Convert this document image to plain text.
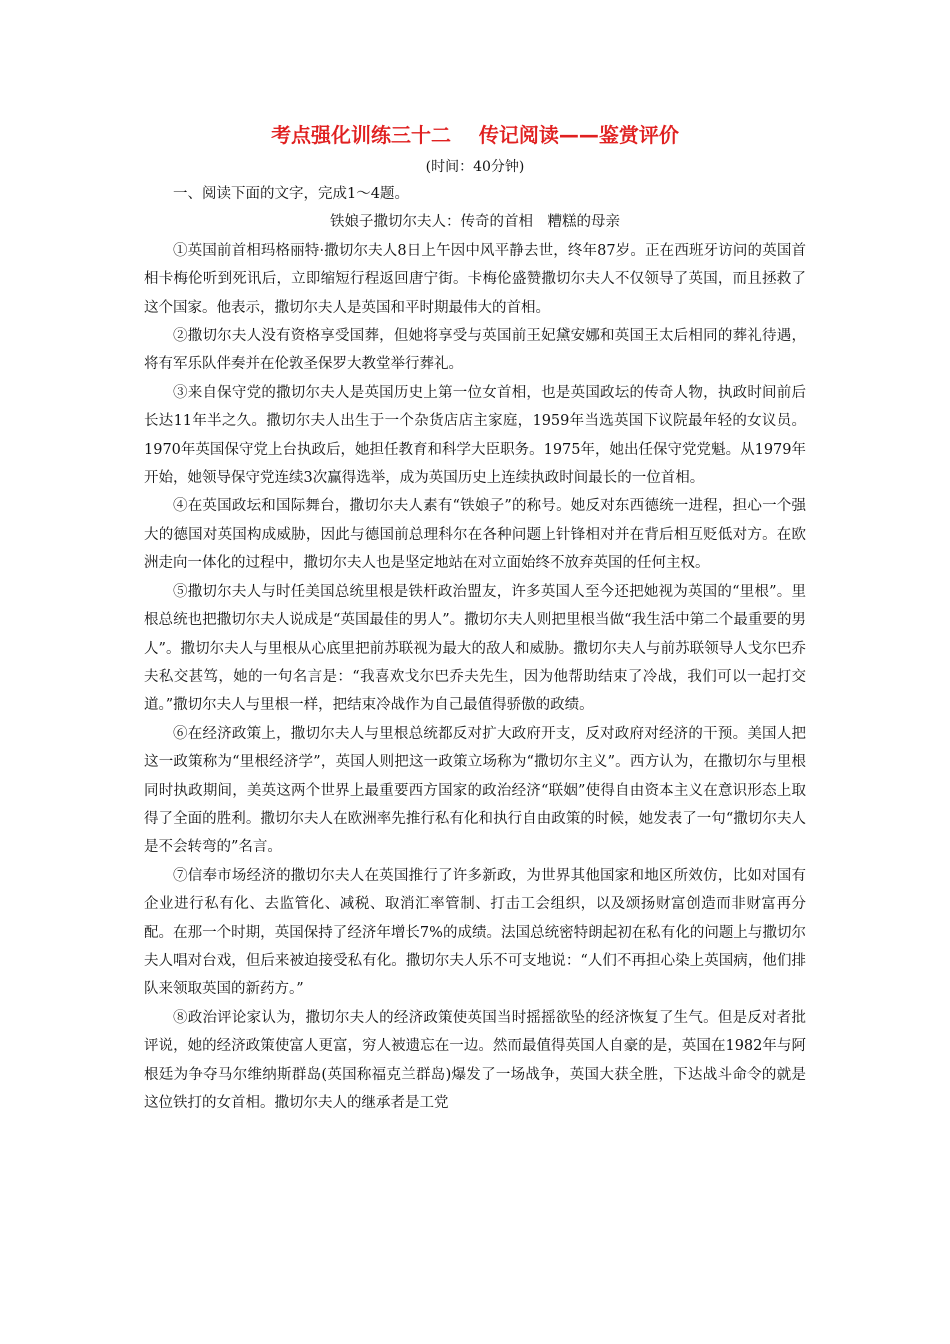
考点强化训练三十二    传记阅读——鉴赏评价
(时间：40分钟)

一、阅读下面的文字，完成1～4题。

铁娘子撒切尔夫人：传奇的首相　糟糕的母亲

①英国前首相玛格丽特·撒切尔夫人8日上午因中风平静去世，终年87岁。正在西班牙访问的英国首相卡梅伦听到死讯后，立即缩短行程返回唐宁街。卡梅伦盛赞撒切尔夫人不仅领导了英国，而且拯救了这个国家。他表示，撒切尔夫人是英国和平时期最伟大的首相。

②撒切尔夫人没有资格享受国葬，但她将享受与英国前王妃黛安娜和英国王太后相同的葬礼待遇，将有军乐队伴奏并在伦敦圣保罗大教堂举行葬礼。

③来自保守党的撒切尔夫人是英国历史上第一位女首相，也是英国政坛的传奇人物，执政时间前后长达11年半之久。撒切尔夫人出生于一个杂货店店主家庭，1959年当选英国下议院最年轻的女议员。1970年英国保守党上台执政后，她担任教育和科学大臣职务。1975年，她出任保守党党魁。从1979年开始，她领导保守党连续3次赢得选举，成为英国历史上连续执政时间最长的一位首相。

④在英国政坛和国际舞台，撒切尔夫人素有“铁娘子”的称号。她反对东西德统一进程，担心一个强大的德国对英国构成威胁，因此与德国前总理科尔在各种问题上针锋相对并在背后相互贬低对方。在欧洲走向一体化的过程中，撒切尔夫人也是坚定地站在对立面始终不放弃英国的任何主权。

⑤撒切尔夫人与时任美国总统里根是铁杆政治盟友，许多英国人至今还把她视为英国的“里根”。里根总统也把撒切尔夫人说成是“英国最佳的男人”。撒切尔夫人则把里根当做“我生活中第二个最重要的男人”。撒切尔夫人与里根从心底里把前苏联视为最大的敌人和威胁。撒切尔夫人与前苏联领导人戈尔巴乔夫私交甚笃，她的一句名言是：“我喜欢戈尔巴乔夫先生，因为他帮助结束了冷战，我们可以一起打交道。”撒切尔夫人与里根一样，把结束冷战作为自己最值得骄傲的政绩。

⑥在经济政策上，撒切尔夫人与里根总统都反对扩大政府开支，反对政府对经济的干预。美国人把这一政策称为“里根经济学”，英国人则把这一政策立场称为“撒切尔主义”。西方认为，在撒切尔与里根同时执政期间，美英这两个世界上最重要西方国家的政治经济“联姻”使得自由资本主义在意识形态上取得了全面的胜利。撒切尔夫人在欧洲率先推行私有化和执行自由政策的时候，她发表了一句“撒切尔夫人是不会转弯的”名言。

⑦信奉市场经济的撒切尔夫人在英国推行了许多新政，为世界其他国家和地区所效仿，比如对国有企业进行私有化、去监管化、减税、取消汇率管制、打击工会组织，以及颂扬财富创造而非财富再分配。在那一个时期，英国保持了经济年增长7%的成绩。法国总统密特朗起初在私有化的问题上与撒切尔夫人唱对台戏，但后来被迫接受私有化。撒切尔夫人乐不可支地说：“人们不再担心染上英国病，他们排队来领取英国的新药方。”

⑧政治评论家认为，撒切尔夫人的经济政策使英国当时摇摇欲坠的经济恢复了生气。但是反对者批评说，她的经济政策使富人更富，穷人被遗忘在一边。然而最值得英国人自豪的是，英国在1982年与阿根廷为争夺马尔维纳斯群岛(英国称福克兰群岛)爆发了一场战争，英国大获全胜，下达战斗命令的就是这位铁打的女首相。撒切尔夫人的继承者是工党
